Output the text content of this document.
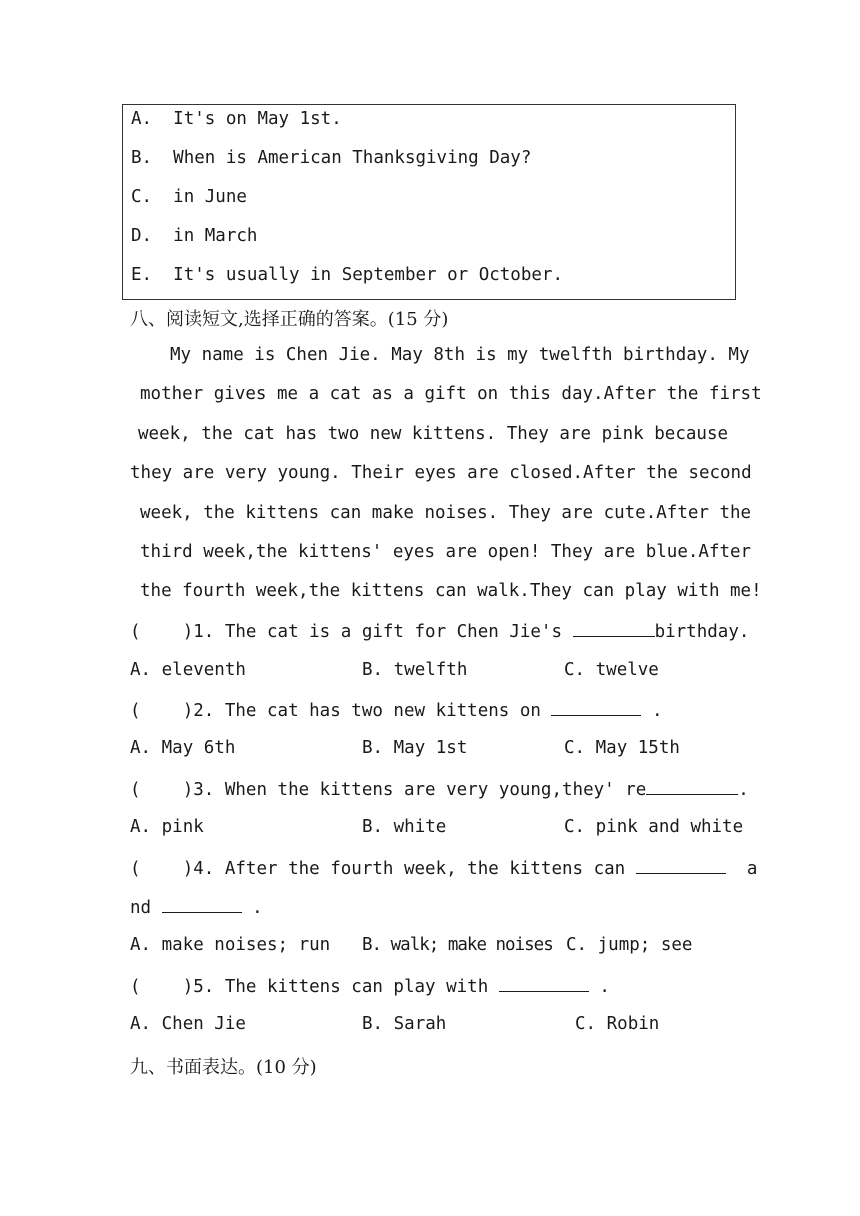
A. It's on May 1st.
B. When is American Thanksgiving Day?
C. in June
D. in March
E. It's usually in September or October.
八、阅读短文,选择正确的答案。(15 分)
My name is Chen Jie. May 8th is my twelfth birthday. My
mother gives me a cat as a gift on this day.After the first
week, the cat has two new kittens. They are pink because
they are very young. Their eyes are closed.After the second
week, the kittens can make noises. They are cute.After the
third week,the kittens' eyes are open! They are blue.After
the fourth week,the kittens can walk.They can play with me!
( )1. The cat is a gift for Chen Jie's	birthday.
A. eleventh	B. twelfth	C. twelve
( )2. The cat has two new kittens on	.
A. May 6th	B. May 1st	C. May 15th
( )3. When the kittens are very young,they' re	.
A. pink	B. white	C. pink and white
( )4. After the fourth week, the kittens can	a
nd	.
A. make noises; run B. walk; make noises C. jump; see
( )5. The kittens can play with	.
A. Chen Jie	B. Sarah	C. Robin
九、书面表达。(10 分)
